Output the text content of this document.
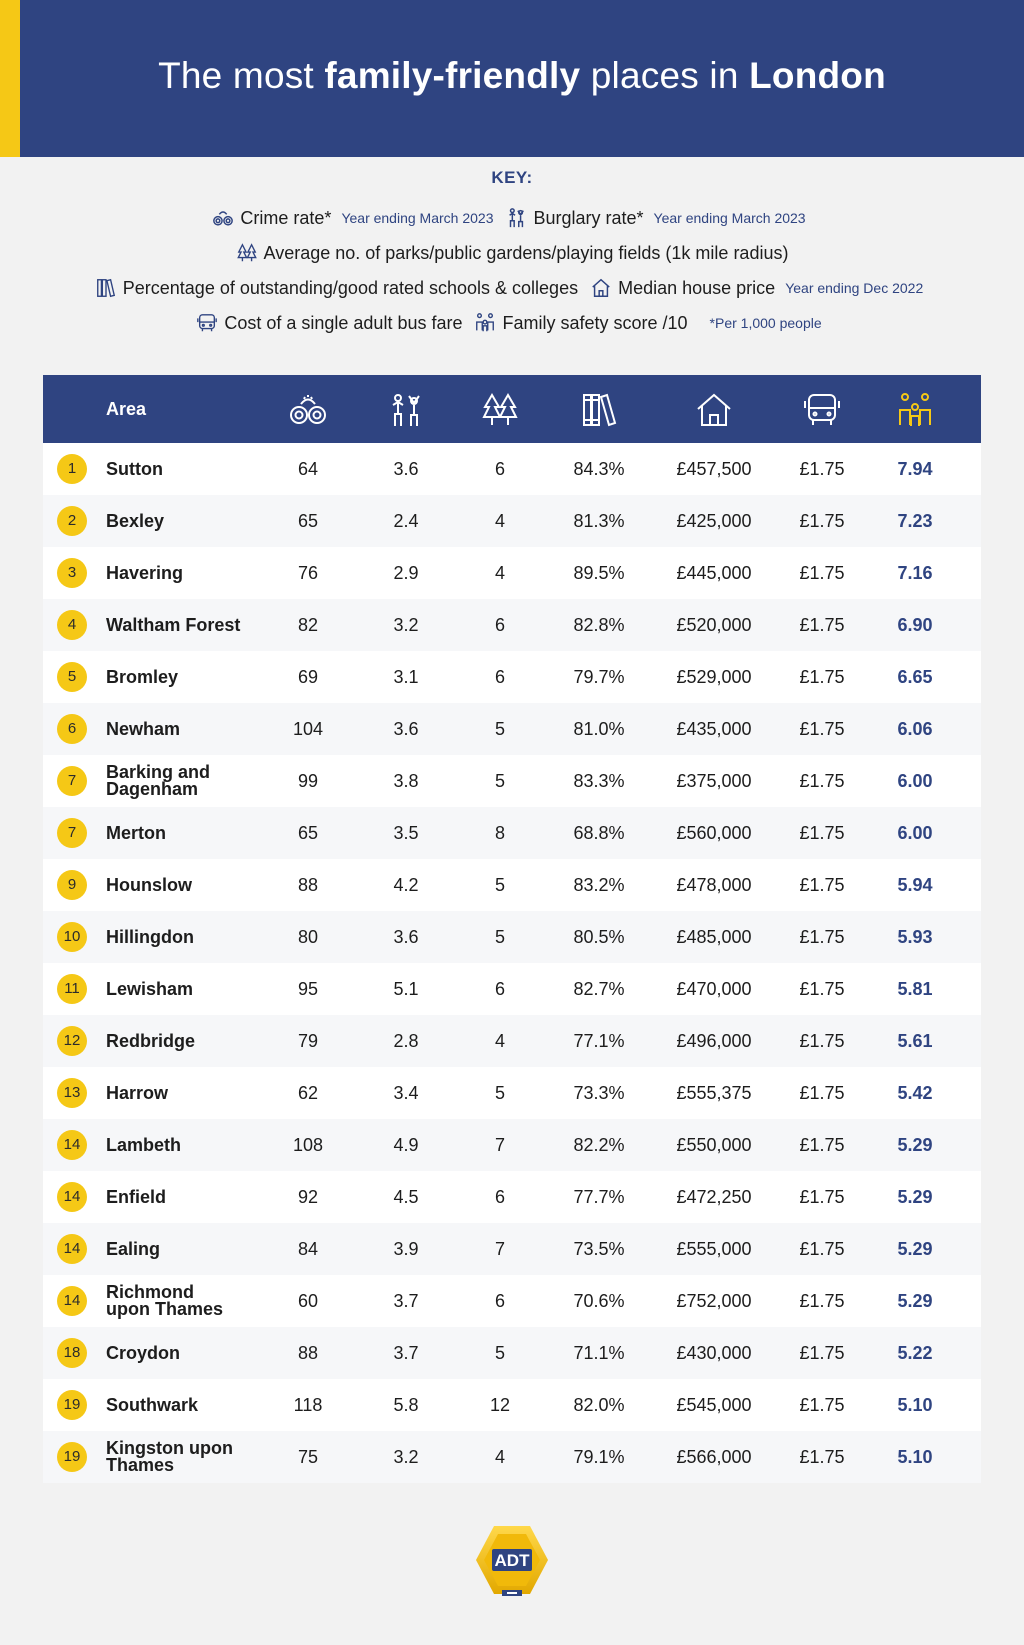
The most family-friendly places in London
KEY:
Crime rate* Year ending March 2023 Burglary rate* Year ending March 2023
Average no. of parks/public gardens/playing fields (1k mile radius)
Percentage of outstanding/good rated schools & colleges Median house price Year ending Dec 2022
Cost of a single adult bus fare Family safety score /10 *Per 1,000 people
Area
1	Sutton	64	3.6	6	84.3%	£457,500	£1.75	7.94
2	Bexley	65	2.4	4	81.3%	£425,000	£1.75	7.23
3	Havering	76	2.9	4	89.5%	£445,000	£1.75	7.16
4	Waltham Forest	82	3.2	6	82.8%	£520,000	£1.75	6.90
5	Bromley	69	3.1	6	79.7%	£529,000	£1.75	6.65
6	Newham	104	3.6	5	81.0%	£435,000	£1.75	6.06
7	Barking and Dagenham	99	3.8	5	83.3%	£375,000	£1.75	6.00
7	Merton	65	3.5	8	68.8%	£560,000	£1.75	6.00
9	Hounslow	88	4.2	5	83.2%	£478,000	£1.75	5.94
10	Hillingdon	80	3.6	5	80.5%	£485,000	£1.75	5.93
11	Lewisham	95	5.1	6	82.7%	£470,000	£1.75	5.81
12	Redbridge	79	2.8	4	77.1%	£496,000	£1.75	5.61
13	Harrow	62	3.4	5	73.3%	£555,375	£1.75	5.42
14	Lambeth	108	4.9	7	82.2%	£550,000	£1.75	5.29
14	Enfield	92	4.5	6	77.7%	£472,250	£1.75	5.29
14	Ealing	84	3.9	7	73.5%	£555,000	£1.75	5.29
14	Richmond upon Thames	60	3.7	6	70.6%	£752,000	£1.75	5.29
18	Croydon	88	3.7	5	71.1%	£430,000	£1.75	5.22
19	Southwark	118	5.8	12	82.0%	£545,000	£1.75	5.10
19	Kingston upon Thames	75	3.2	4	79.1%	£566,000	£1.75	5.10
ADT
